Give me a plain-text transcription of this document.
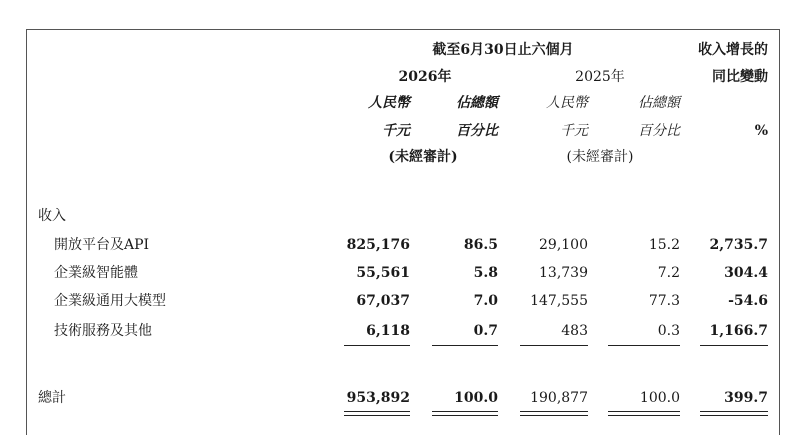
截至6月30日止六個月	收入增長的
同比變動
2026年	2025年
人民幣	佔總額	人民幣	佔總額
千元	百分比	千元	百分比	%
(未經審計)	(未經審計)
收入
開放平台及API	825,176	86.5	29,100	15.2	2,735.7
企業級智能體	55,561	5.8	13,739	7.2	304.4
企業級通用大模型	67,037	7.0	147,555	77.3	-54.6
技術服務及其他	6,118	0.7	483	0.3	1,166.7
總計	953,892	100.0	190,877	100.0	399.7
